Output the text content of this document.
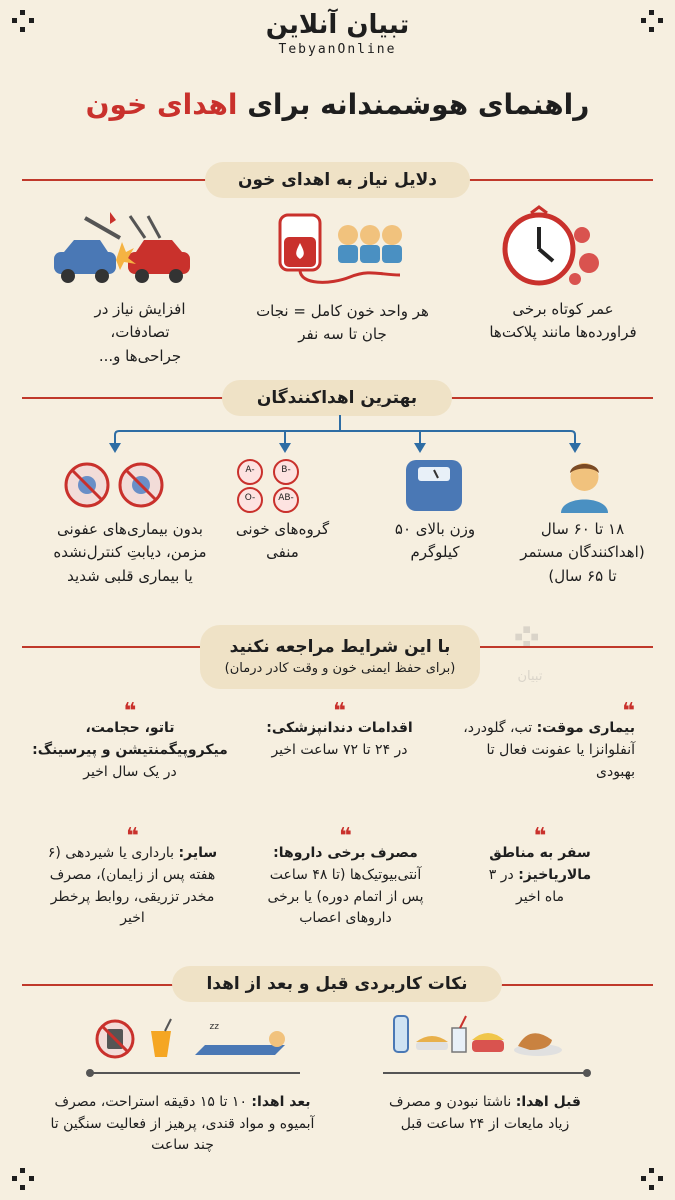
تبیان آنلاین
TebyanOnline
راهنمای هوشمندانه برای اهدای خون
دلایل نیاز به اهدای خون
عمر کوتاه برخی فراورده‌ها مانند پلاکت‌ها
هر واحد خون کامل = نجات جان تا سه نفر
افزایش نیاز در تصادفات، جراحی‌ها و...
بهترین اهداکنندگان
A-	B-
O-	AB-
۱۸ تا ۶۰ سال (اهداکنندگان مستمر تا ۶۵ سال)
وزن بالای ۵۰ کیلوگرم
گروه‌های خونی منفی
بدون بیماری‌های عفونی مزمن، دیابتِ کنترل‌نشده یا بیماری قلبی شدید
تبیان
با این شرایط مراجعه نکنید
(برای حفظ ایمنی خون و وقت کادر درمان)
❝
بیماری موقت: تب، گلودرد، آنفلوانزا یا عفونت فعال تا بهبودی
❝
اقدامات دندانپزشکی: در ۲۴ تا ۷۲ ساعت اخیر
❝
تاتو، حجامت، میکروپیگمنتیشن و پیرسینگ: در یک سال اخیر
❝
سفر به مناطق مالاریاخیز: در ۳ ماه اخیر
❝
مصرف برخی داروها: آنتی‌بیوتیک‌ها (تا ۴۸ ساعت پس از اتمام دوره) یا برخی داروهای اعصاب
❝
سایر: بارداری یا شیردهی (۶ هفته پس از زایمان)، مصرف مخدر تزریقی، روابط پرخطر اخیر
نکات کاربردی قبل و بعد از اهدا
zz
قبل اهدا: ناشتا نبودن و مصرف زیاد مایعات از ۲۴ ساعت قبل
بعد اهدا: ۱۰ تا ۱۵ دقیقه استراحت، مصرف آبمیوه و مواد قندی، پرهیز از فعالیت سنگین تا چند ساعت
